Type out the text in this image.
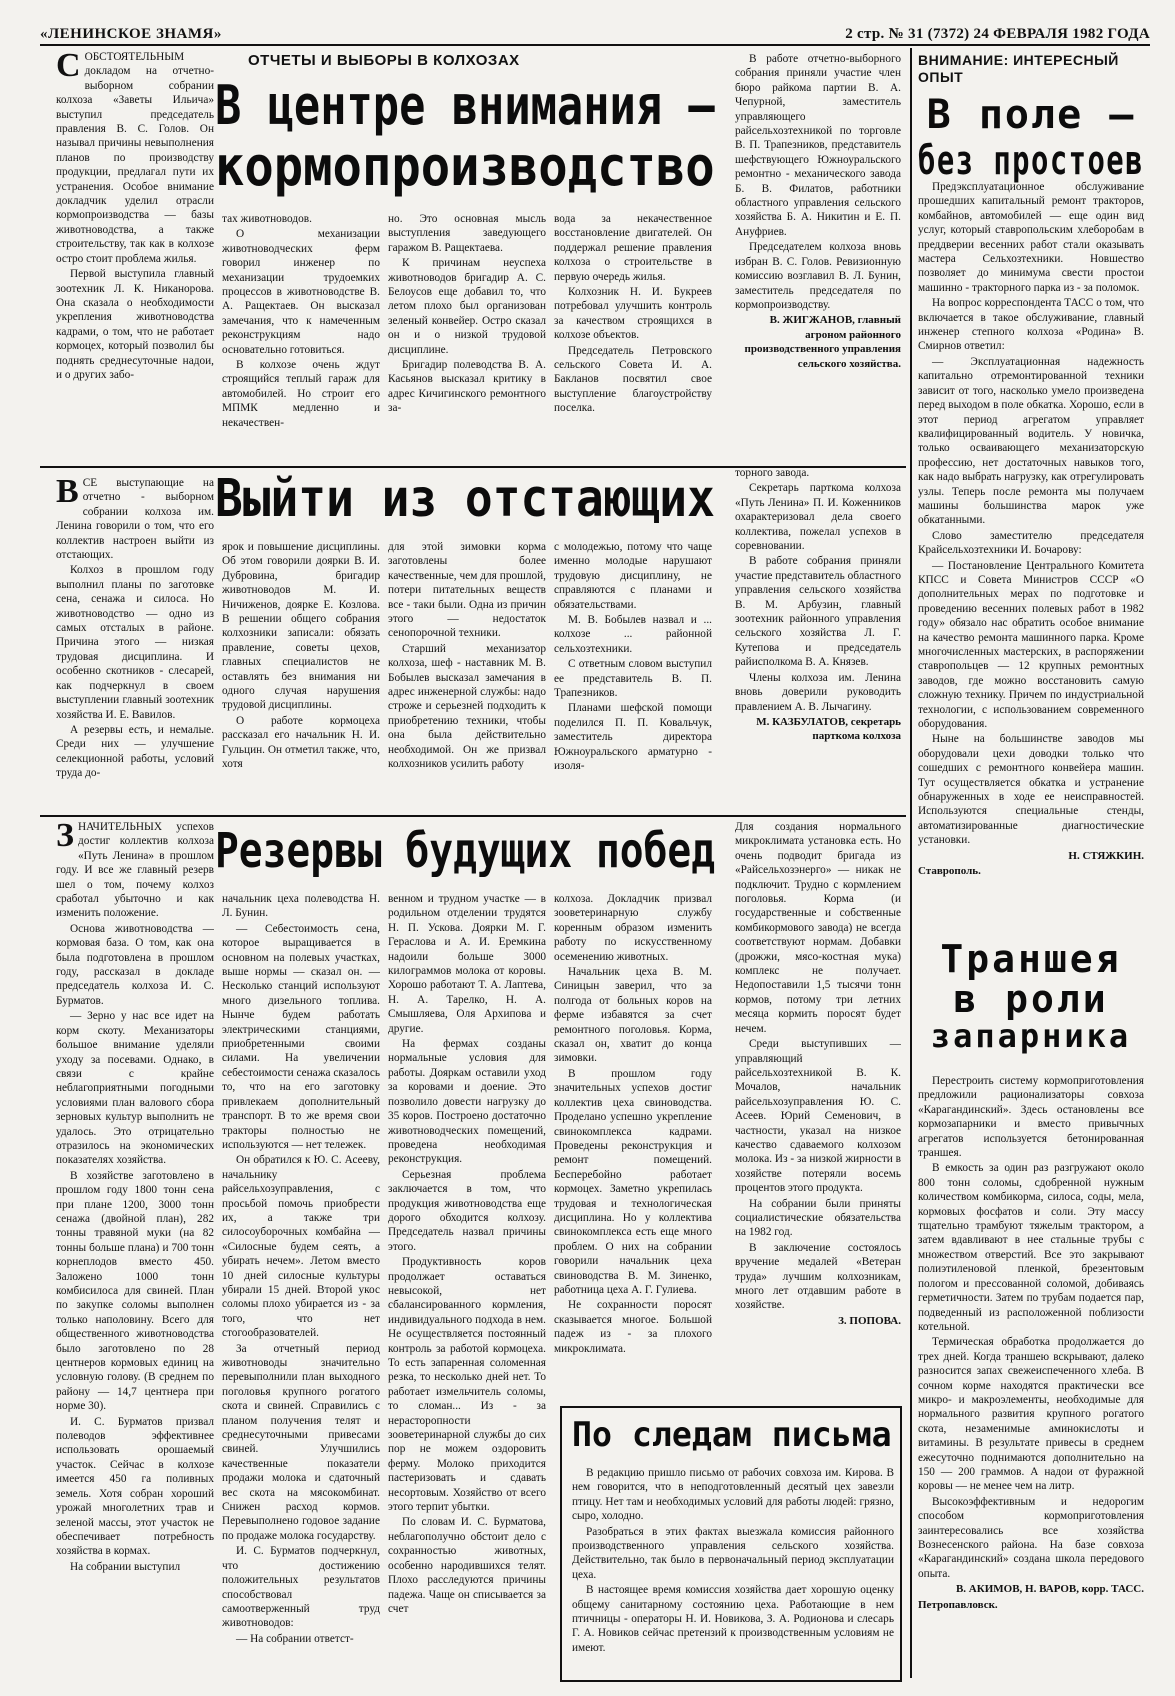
«ЛЕНИНСКОЕ ЗНАМЯ»	2 стр. № 31 (7372) 24 ФЕВРАЛЯ 1982 ГОДА
ОТЧЕТЫ И ВЫБОРЫ В КОЛХОЗАХ
В центре внимания —
кормопроизводство
С ОБСТОЯТЕЛЬНЫМ докладом на отчетно-выборном собрании колхоза «Заветы Ильича» выступил председатель правления В. С. Голов. Он называл причины невыполнения планов по производству продукции, предлагал пути их устранения. Особое внимание докладчик уделил отрасли кормопроизводства — базы животноводства, а также строительству, так как в колхозе остро стоит проблема жилья.

Первой выступила главный зоотехник Л. К. Никанорова. Она сказала о необходимости укрепления животноводства кадрами, о том, что не работает кормоцех, который позволил бы поднять среднесуточные надои, и о других забо-

тах животноводов.

О механизации животноводческих ферм говорил инженер по механизации трудоемких процессов в животноводстве В. А. Ращектаев. Он высказал замечания, что к намеченным реконструкциям надо основательно готовиться.

В колхозе очень ждут строящийся теплый гараж для автомобилей. Но строит его МПМК медленно и некачествен-

но. Это основная мысль выступления заведующего гаражом В. Ращектаева.

К причинам неуспеха животноводов бригадир А. С. Белоусов еще добавил то, что летом плохо был организован зеленый конвейер. Остро сказал он и о низкой трудовой дисциплине.

Бригадир полеводства В. А. Касьянов высказал критику в адрес Кичигинского ремонтного за-

вода за некачественное восстановление двигателей. Он поддержал решение правления колхоза о строительстве в первую очередь жилья.

Колхозник Н. И. Букреев потребовал улучшить контроль за качеством строящихся в колхозе объектов.

Председатель Петровского сельского Совета И. А. Бакланов посвятил свое выступление благоустройству поселка.

В работе отчетно-выборного собрания приняли участие член бюро райкома партии В. А. Чепурной, заместитель управляющего райсельхозтехникой по торговле В. П. Трапезников, представитель шефствующего Южноуральского ремонтно - механического завода Б. В. Филатов, работники областного управления сельского хозяйства Б. А. Никитин и Е. П. Ануфриев.

Председателем колхоза вновь избран В. С. Голов. Ревизионную комиссию возглавил В. Л. Бунин, заместитель председателя по кормопроизводству.

В. ЖИГЖАНОВ, главный агроном районного производственного управления сельского хозяйства.

Выйти из отстающих
В СЕ выступающие на отчетно - выборном собрании колхоза им. Ленина говорили о том, что его коллектив настроен выйти из отстающих.

Колхоз в прошлом году выполнил планы по заготовке сена, сенажа и силоса. Но животноводство — одно из самых отсталых в районе. Причина этого — низкая трудовая дисциплина. И особенно скотников - слесарей, как подчеркнул в своем выступлении главный зоотехник хозяйства И. Е. Вавилов.

А резервы есть, и немалые. Среди них — улучшение селекционной работы, условий труда до-

ярок и повышение дисциплины. Об этом говорили доярки В. И. Дубровина, бригадир животноводов М. И. Ничиженов, доярке Е. Козлова. В решении общего собрания колхозники записали: обязать правление, советы цехов, главных специалистов не оставлять без внимания ни одного случая нарушения трудовой дисциплины.

О работе кормоцеха рассказал его начальник Н. И. Гульцин. Он отметил также, что, хотя

для этой зимовки корма заготовлены более качественные, чем для прошлой, потери питательных веществ все - таки были. Одна из причин этого — недостаток сенопорочной техники.

Старший механизатор колхоза, шеф - наставник М. В. Бобылев высказал замечания в адрес инженерной службы: надо строже и серьезней подходить к приобретению техники, чтобы она была действительно необходимой. Он же призвал колхозников усилить работу

с молодежью, потому что чаще именно молодые нарушают трудовую дисциплину, не справляются с планами и обязательствами.

М. В. Бобылев назвал и ... колхозе ... районной сельхозтехники.

С ответным словом выступил ее представитель В. П. Трапезников.

Планами шефской помощи поделился П. П. Ковальчук, заместитель директора Южноуральского арматурно - изоля-

торного завода.

Секретарь парткома колхоза «Путь Ленина» П. И. Коженников охарактеризовал дела своего коллектива, пожелал успехов в соревновании.

В работе собрания приняли участие представитель областного управления сельского хозяйства В. М. Арбузин, главный зоотехник районного управления сельского хозяйства Л. Г. Кутепова и председатель райисполкома В. А. Князев.

Члены колхоза им. Ленина вновь доверили руководить правлением А. В. Лычагину.

М. КАЗБУЛАТОВ, секретарь парткома колхоза

Резервы будущих побед
З НАЧИТЕЛЬНЫХ успехов достиг коллектив колхоза «Путь Ленина» в прошлом году. И все же главный резерв шел о том, почему колхоз сработал убыточно и как изменить положение.

Основа животноводства — кормовая база. О том, как она была подготовлена в прошлом году, рассказал в докладе председатель колхоза И. С. Бурматов.

— Зерно у нас все идет на корм скоту. Механизаторы большое внимание уделяли уходу за посевами. Однако, в связи с крайне неблагоприятными погодными условиями план валового сбора зерновых культур выполнить не удалось. Это отрицательно отразилось на экономических показателях хозяйства.

В хозяйстве заготовлено в прошлом году 1800 тонн сена при плане 1200, 3000 тонн сенажа (двойной план), 282 тонны травяной муки (на 82 тонны больше плана) и 700 тонн корнеплодов вместо 450. Заложено 1000 тонн комбисилоса для свиней. План по закупке соломы выполнен только наполовину. Всего для общественного животноводства было заготовлено по 28 центнеров кормовых единиц на условную голову. (В среднем по району — 14,7 центнера при норме 30).

И. С. Бурматов призвал полеводов эффективнее использовать орошаемый участок. Сейчас в колхозе имеется 450 га поливных земель. Хотя собран хороший урожай многолетних трав и зеленой массы, этот участок не обеспечивает потребность хозяйства в кормах.

На собрании выступил

начальник цеха полеводства Н. Л. Бунин.

— Себестоимость сена, которое выращивается в основном на полевых участках, выше нормы — сказал он. — Несколько станций используют много дизельного топлива. Нынче будем работать электрическими станциями, приобретенными своими силами. На увеличении себестоимости сенажа сказалось то, что на его заготовку привлекаем дополнительный транспорт. В то же время свои тракторы полностью не используются — нет тележек.

Он обратился к Ю. С. Асееву, начальнику райсельхозуправления, с просьбой помочь приобрести их, а также три силосоуборочных комбайна — «Силосные будем сеять, а убирать нечем». Летом вместо 10 дней силосные культуры убирали 15 дней. Второй укос соломы плохо убирается из - за того, что нет стогообразователей.

За отчетный период животноводы значительно перевыполнили план выходного поголовья крупного рогатого скота и свиней. Справились с планом получения телят и среднесуточными привесами свиней. Улучшились качественные показатели продажи молока и сдаточный вес скота на мясокомбинат. Снижен расход кормов. Перевыполнено годовое задание по продаже молока государству.

И. С. Бурматов подчеркнул, что достижению положительных результатов способствовал самоотверженный труд животноводов:

— На собрании ответст-

венном и трудном участке — в родильном отделении трудятся Н. П. Ускова. Доярки М. Г. Гераслова и А. И. Еремкина надоили больше 3000 килограммов молока от коровы. Хорошо работают Т. А. Лаптева, Н. А. Тарелко, Н. А. Смышляева, Оля Архипова и другие.

На фермах созданы нормальные условия для работы. Дояркам оставили уход за коровами и доение. Это позволило довести нагрузку до 35 коров. Построено достаточно животноводческих помещений, проведена необходимая реконструкция.

Серьезная проблема заключается в том, что продукция животноводства еще дорого обходится колхозу. Председатель назвал причины этого.

Продуктивность коров продолжает оставаться невысокой, нет сбалансированного кормления, индивидуального подхода в нем. Не осуществляется постоянный контроль за работой кормоцеха. То есть запаренная соломенная резка, то несколько дней нет. То работает измельчитель соломы, то сломан... Из - за нерасторопности зооветеринарной службы до сих пор не можем оздоровить ферму. Молоко приходится пастеризовать и сдавать несортовым. Хозяйство от всего этого терпит убытки.

По словам И. С. Бурматова, неблагополучно обстоит дело с сохранностью животных, особенно народившихся телят. Плохо расследуются причины падежа. Чаще он списывается за счет

колхоза. Докладчик призвал зооветеринарную службу коренным образом изменить работу по искусственному осеменению животных.

Начальник цеха В. М. Синицын заверил, что за полгода от больных коров на ферме избавятся за счет ремонтного поголовья. Корма, сказал он, хватит до конца зимовки.

В прошлом году значительных успехов достиг коллектив цеха свиноводства. Проделано успешно укрепление свинокомплекса кадрами. Проведены реконструкция и ремонт помещений. Бесперебойно работает кормоцех. Заметно укрепилась трудовая и технологическая дисциплина. Но у коллектива свинокомплекса есть еще много проблем. О них на собрании говорили начальник цеха свиноводства В. М. Зиненко, работница цеха А. Г. Гулиева.

Не сохранности поросят сказывается многое. Большой падеж из - за плохого микроклимата.

Для создания нормального микроклимата установка есть. Но очень подводит бригада из «Райсельхозэнерго» — никак не подключит. Трудно с кормлением поголовья. Корма (и государственные и собственные комбикормового завода) не всегда соответствуют нормам. Добавки (дрожжи, мясо-костная мука) комплекс не получает. Недопоставили 1,5 тысячи тонн кормов, потому три летних месяца кормить поросят будет нечем.

Среди выступивших — управляющий райсельхозтехникой В. К. Мочалов, начальник райсельхозуправления Ю. С. Асеев. Юрий Семенович, в частности, указал на низкое качество сдаваемого колхозом молока. Из - за низкой жирности в хозяйстве потеряли восемь процентов этого продукта.

На собрании были приняты социалистические обязательства на 1982 год.

В заключение состоялось вручение медалей «Ветеран труда» лучшим колхозникам, много лет отдавшим работе в хозяйстве.

З. ПОПОВА.

По следам письма

В редакцию пришло письмо от рабочих совхоза им. Кирова. В нем говорится, что в неподготовленный десятый цех завезли птицу. Нет там и необходимых условий для работы людей: грязно, сыро, холодно.

Разобраться в этих фактах выезжала комиссия районного производственного управления сельского хозяйства. Действительно, так было в первоначальный период эксплуатации цеха.

В настоящее время комиссия хозяйства дает хорошую оценку общему санитарному состоянию цеха. Работающие в нем птичницы - операторы Н. И. Новикова, З. А. Родионова и слесарь Г. А. Новиков сейчас претензий к производственным условиям не имеют.

ВНИМАНИЕ: ИНТЕРЕСНЫЙ ОПЫТ
В поле —
без простоев

Предэксплуатационное обслуживание прошедших капитальный ремонт тракторов, комбайнов, автомобилей — еще один вид услуг, который ставропольским хлеборобам в преддверии весенних работ стали оказывать мастера Сельхозтехники. Новшество позволяет до минимума свести простои машинно - тракторного парка из - за поломок.

На вопрос корреспондента ТАСС о том, что включается в такое обслуживание, главный инженер степного колхоза «Родина» В. Смирнов ответил:

— Эксплуатационная надежность капитально отремонтированной техники зависит от того, насколько умело произведена перед выходом в поле обкатка. Хорошо, если в этот период агрегатом управляет квалифицированный водитель. У новичка, только осваивающего механизаторскую профессию, нет достаточных навыков того, как надо выбрать нагрузку, как отрегулировать узлы. Теперь после ремонта мы получаем машины большинства марок уже обкатанными.

Слово заместителю председателя Крайсельхозтехники И. Бочарову:

— Постановление Центрального Комитета КПСС и Совета Министров СССР «О дополнительных мерах по подготовке и проведению весенних полевых работ в 1982 году» обязало нас обратить особое внимание на качество ремонта машинного парка. Кроме многочисленных мастерских, в распоряжении ставропольцев — 12 крупных ремонтных заводов, где можно восстановить самую сложную технику. Причем по индустриальной технологии, с использованием современного оборудования.

Ныне на большинстве заводов мы оборудовали цехи доводки только что сошедших с ремонтного конвейера машин. Тут осуществляется обкатка и устранение обнаруженных в ходе ее неисправностей. Используются специальные стенды, автоматизированные диагностические установки.

Н. СТЯЖКИН.

Ставрополь.

Траншея
в роли
запарника

Перестроить систему кормоприготовления предложили рационализаторы совхоза «Карагандинский». Здесь остановлены все кормозапарники и вместо привычных агрегатов используется бетонированная траншея.

В емкость за один раз разгружают около 800 тонн соломы, сдобренной нужным количеством комбикорма, силоса, соды, мела, кормовых фосфатов и соли. Эту массу тщательно трамбуют тяжелым трактором, а затем вдавливают в нее стальные трубы с множеством отверстий. Все это закрывают полиэтиленовой пленкой, брезентовым пологом и прессованной соломой, добиваясь герметичности. Затем по трубам подается пар, подведенный из расположенной поблизости котельной.

Термическая обработка продолжается до трех дней. Когда траншею вскрывают, далеко разносится запах свежеиспеченного хлеба. В сочном корме находятся практически все микро- и макроэлементы, необходимые для нормального развития крупного рогатого скота, незаменимые аминокислоты и витамины. В результате привесы в среднем ежесуточно поднимаются дополнительно на 150 — 200 граммов. А надои от фуражной коровы — не менее чем на литр.

Высокоэффективным и недорогим способом кормоприготовления заинтересовались все хозяйства Вознесенского района. На базе совхоза «Карагандинский» создана школа передового опыта.

В. АКИМОВ, Н. ВАРОВ, корр. ТАСС.

Петропавловск.
